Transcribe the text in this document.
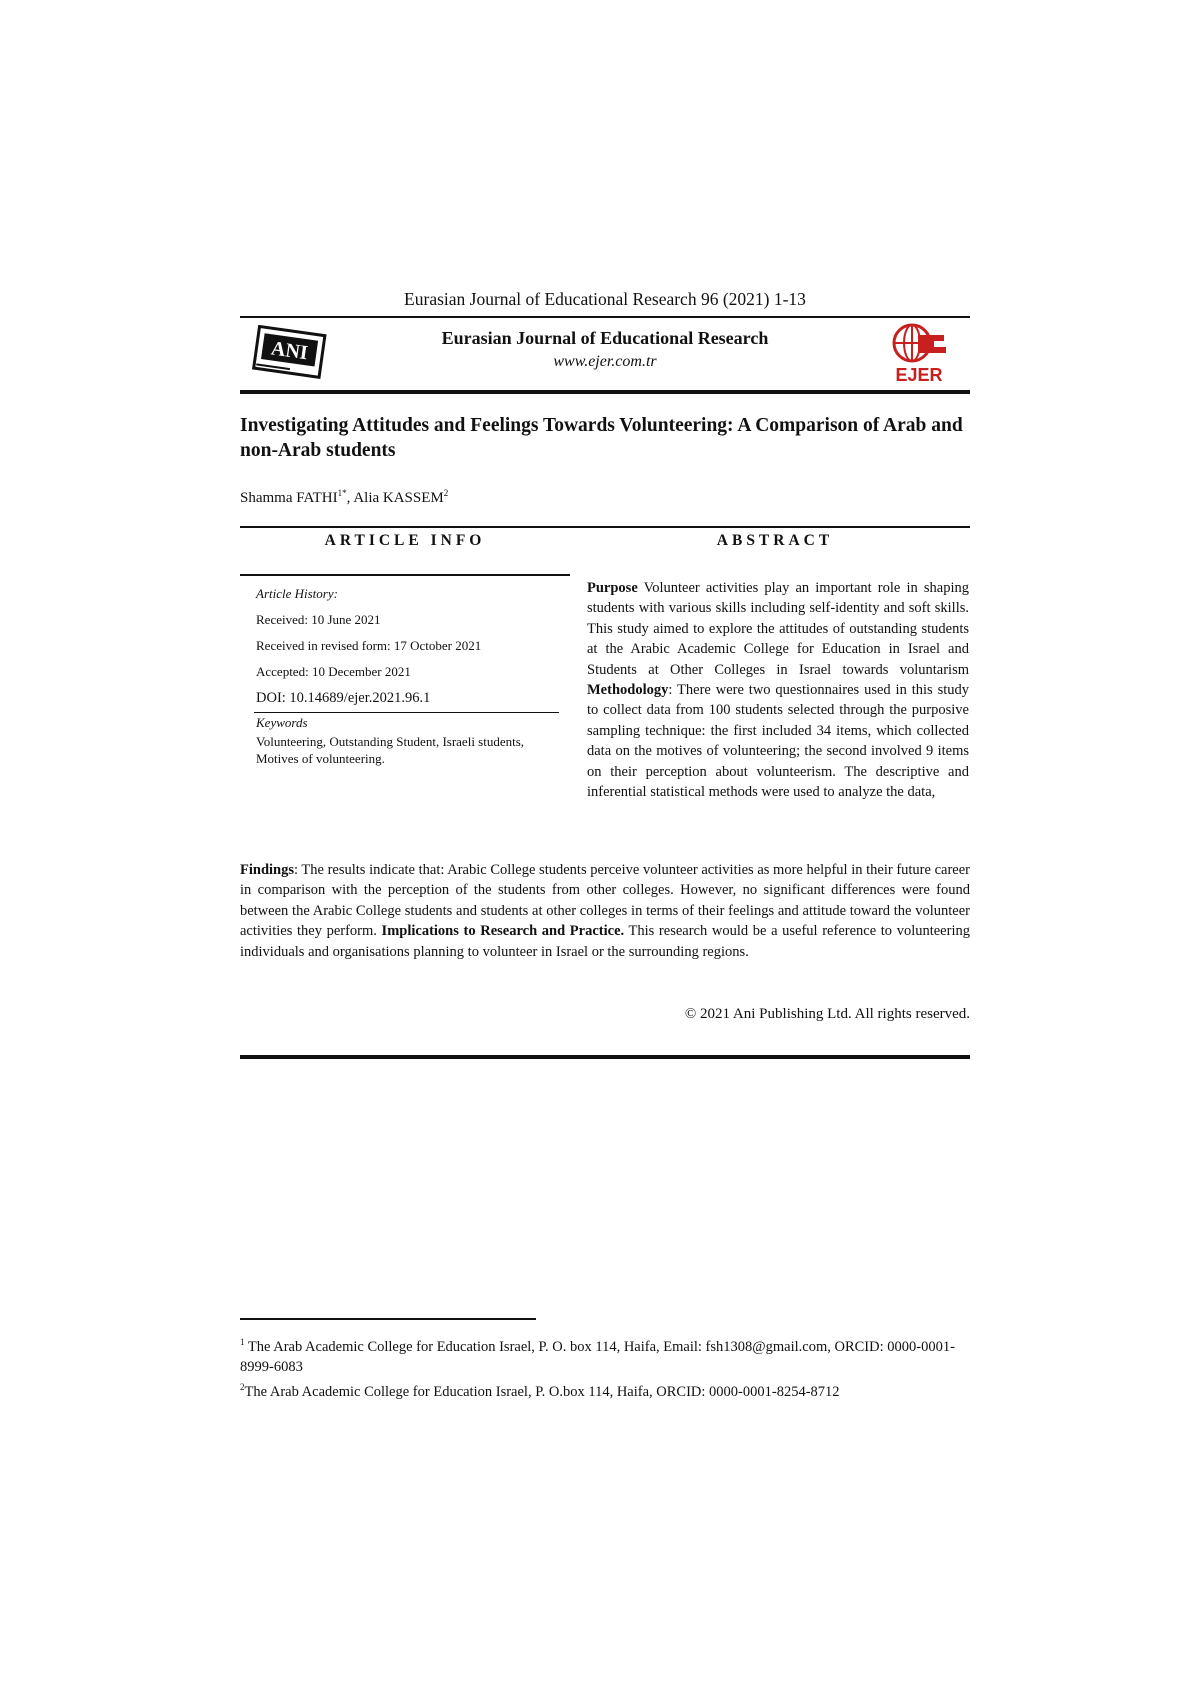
Eurasian Journal of Educational Research 96 (2021) 1-13
ANI	Eurasian Journal of Educational Research
www.ejer.com.tr
EJER
Investigating Attitudes and Feelings Towards Volunteering: A Comparison of Arab and non-Arab students
Shamma $FATHI^{1*}$, Alia KASSEM$^2$
ARTICLE INFO	ABSTRACT
Article History:
Received: 10 June 2021
Received in revised form: 17 October 2021
Accepted: 10 December 2021
DOI: 10.14689/ejer.2021.96.1
Keywords
Volunteering, Outstanding Student, Israeli students, Motives of volunteering.
Purpose Volunteer activities play an important role in shaping students with various skills including self-identity and soft skills. This study aimed to explore the attitudes of outstanding students at the Arabic Academic College for Education in Israel and Students at Other Colleges in Israel towards voluntarism Methodology: There were two questionnaires used in this study to collect data from 100 students selected through the purposive sampling technique: the first included 34 items, which collected data on the motives of volunteering; the second involved 9 items on their perception about volunteerism. The descriptive and inferential statistical methods were used to analyze the data,
Findings: The results indicate that: Arabic College students perceive volunteer activities as more helpful in their future career in comparison with the perception of the students from other colleges. However, no significant differences were found between the Arabic College students and students at other colleges in terms of their feelings and attitude toward the volunteer activities they perform. Implications to Research and Practice. This research would be a useful reference to volunteering individuals and organisations planning to volunteer in Israel or the surrounding regions.
© 2021 Ani Publishing Ltd. All rights reserved.

$^1$ The Arab Academic College for Education Israel, P. O. box 114, Haifa, Email: fsh1308@gmail.com, ORCID: 0000-0001-8999-6083

$^2$The Arab Academic College for Education Israel, P. O.box 114, Haifa, ORCID: 0000-0001-8254-8712
